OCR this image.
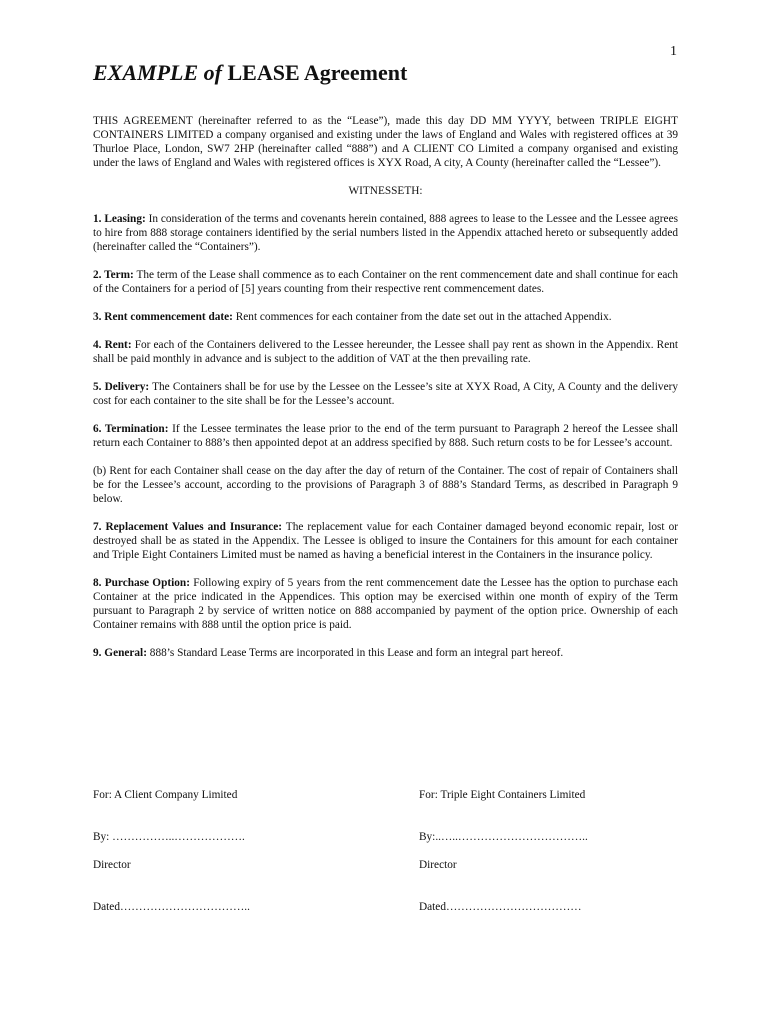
1
EXAMPLE of LEASE Agreement

THIS AGREEMENT (hereinafter referred to as the “Lease”), made this day DD MM YYYY, between TRIPLE EIGHT CONTAINERS LIMITED a company organised and existing under the laws of England and Wales with registered offices at 39 Thurloe Place, London, SW7 2HP (hereinafter called “888”) and A CLIENT CO Limited a company organised and existing under the laws of England and Wales with registered offices is XYX Road, A city, A County (hereinafter called the “Lessee”).

WITNESSETH:

1. Leasing: In consideration of the terms and covenants herein contained, 888 agrees to lease to the Lessee and the Lessee agrees to hire from 888 storage containers identified by the serial numbers listed in the Appendix attached hereto or subsequently added (hereinafter called the “Containers”).

2. Term: The term of the Lease shall commence as to each Container on the rent commencement date and shall continue for each of the Containers for a period of [5] years counting from their respective rent commencement dates.

3. Rent commencement date: Rent commences for each container from the date set out in the attached Appendix.

4. Rent: For each of the Containers delivered to the Lessee hereunder, the Lessee shall pay rent as shown in the Appendix. Rent shall be paid monthly in advance and is subject to the addition of VAT at the then prevailing rate.

5. Delivery: The Containers shall be for use by the Lessee on the Lessee’s site at XYX Road, A City, A County and the delivery cost for each container to the site shall be for the Lessee’s account.

6. Termination: If the Lessee terminates the lease prior to the end of the term pursuant to Paragraph 2 hereof the Lessee shall return each Container to 888’s then appointed depot at an address specified by 888. Such return costs to be for Lessee’s account.

(b) Rent for each Container shall cease on the day after the day of return of the Container. The cost of repair of Containers shall be for the Lessee’s account, according to the provisions of Paragraph 3 of 888’s Standard Terms, as described in Paragraph 9 below.

7. Replacement Values and Insurance: The replacement value for each Container damaged beyond economic repair, lost or destroyed shall be as stated in the Appendix. The Lessee is obliged to insure the Containers for this amount for each container and Triple Eight Containers Limited must be named as having a beneficial interest in the Containers in the insurance policy.

8. Purchase Option: Following expiry of 5 years from the rent commencement date the Lessee has the option to purchase each Container at the price indicated in the Appendices. This option may be exercised within one month of expiry of the Term pursuant to Paragraph 2 by service of written notice on 888 accompanied by payment of the option price. Ownership of each Container remains with 888 until the option price is paid.

9. General: 888’s Standard Lease Terms are incorporated in this Lease and form an integral part hereof.

For: A Client Company Limited	For: Triple Eight Containers Limited
By: ……………..……………….	By:..…..……………………………..
Director	Director
Dated……………………………..	Dated………………………………
